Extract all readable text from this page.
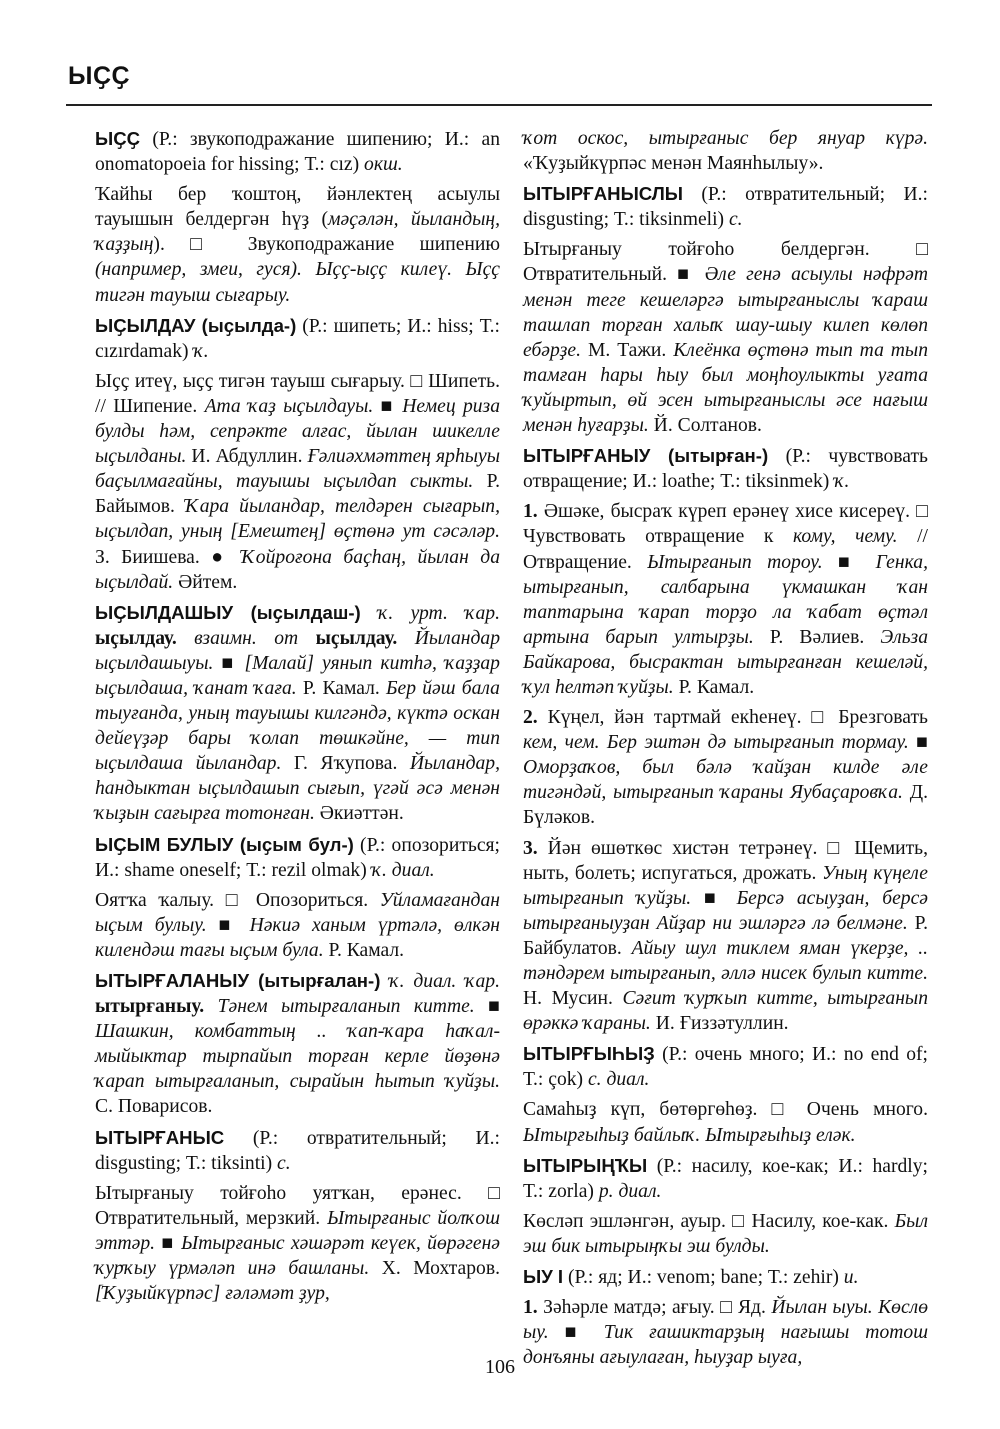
ЫҪҪ

ЫҪҪ (Р.: звукоподражание шипению; И.: an onomatopoeia for hissing; Т.: cız) окш.

Ҡайһы бер ҡоштоң, йәнлектең асыулы тауышын белдергән һүҙ (мәҫәлән, йыландың, ҡаҙҙың). □ Звукоподражание шипению (например, змеи, гуся). Ыҫҫ-ыҫҫ килеү. Ыҫҫ тигән тауыш сығарыу.

ЫҪЫЛДАУ (ыҫылда-) (Р.: шипеть; И.: hiss; Т.: cızırdamak) ҡ.

Ыҫҫ итеү, ыҫҫ тигән тауыш сығарыу. □ Шипеть. // Шипение. Ата ҡаҙ ыҫылдауы. ■ Немец риза булды һәм, сепрәкте алғас, йылан шикелле ыҫылданы. И. Абдуллин. Ғәлиәхмәттең ярһыуы баҫылмағайны, тауышы ыҫылдап сыкты. Р. Байымов. Ҡара йыландар, телдәрен сығарып, ыҫылдап, уның [Емештең] өҫтөнә ут сәсәләр. З. Биишева. ● Ҡойроғона баҫһаң, йылан да ыҫылдай. Әйтем.

ЫҪЫЛДАШЫУ (ыҫылдаш-) ҡ. урт. ҡар. ыҫылдау. взаимн. от ыҫылдау. Йыландар ыҫылдашыуы. ■ [Малай] уянып китһә, ҡаҙҙар ыҫылдаша, ҡанат ҡаға. Р. Камал. Бер йәш бала тыуғанда, уның тауышы килгәндә, күктә оскан дейеүҙәр бары ҡолап төшкәйне, — тип ыҫылдаша йыландар. Г. Яҡупова. Йыландар, һандыктан ыҫылдашып сығып, үгәй әсә менән ҡыҙын сағырға тотонған. Әкиәттән.

ЫҪЫМ БУЛЫУ (ыҫым бул-) (Р.: опозориться; И.: shame oneself; Т.: rezil olmak) ҡ. диал.

Оятҡа ҡалыу. □ Опозориться. Уйламағандан ыҫым булыу. ■ Нәкиә ханым үртәлә, өлкән килендәш тағы ыҫым була. Р. Камал.

ЫТЫРҒАЛАНЫУ (ытырғалан-) ҡ. диал. ҡар. ытырғаныу. Тәнем ытырғаланып китте. ■ Шашкин, комбаттың .. ҡап-ҡара һаҡал-мыйыктар тырпайып торған керле йөҙөнә ҡарап ытырғаланып, сырайын һытып ҡуйҙы. С. Поварисов.

ЫТЫРҒАНЫС (Р.: отвратительный; И.: disgusting; Т.: tiksinti) с.

Ытырғаныу тойғоһо уятҡан, ерәнес. □ Отвратительный, мерзкий. Ытырғаныс йолҡош эттәр. ■ Ытырғаныс хәшәрәт кеүек, йөрәгенә ҡурҡыу үрмәләп инә башланы. Х. Мохтаров. [Ҡуҙыйкүрпәс] ғәләмәт ҙур,

ҡот оскос, ытырғаныс бер януар күрә. «Ҡуҙыйкүрпәс менән Маянһылыу».

ЫТЫРҒАНЫСЛЫ (Р.: отвратительный; И.: disgusting; Т.: tiksinmeli) с.

Ытырғаныу тойғоһо белдергән. □ Отвратительный. ■ Әле генә асыулы нәфрәт менән теге кешеләргә ытырғаныслы ҡараш ташлап торған халыҡ шау-шыу килеп көлөп ебәрҙе. М. Тажи. Клеёнка өҫтөнә тып та тып тамған һары һыу был моңһоулыкты уғата ҡуйыртып, өй эсен ытырғаныслы әсе нағыш менән һуғарҙы. Й. Солтанов.

ЫТЫРҒАНЫУ (ытырған-) (Р.: чувствовать отвращение; И.: loathe; Т.: tiksinmek) ҡ.

1. Әшәке, бысраҡ күреп ерәнеү хисе кисереү. □ Чувствовать отвращение к кому, чему. // Отвращение. Ытырғанып тороу. ■ Генка, ытырғанып, салбарына үкмашкан ҡан таптарына ҡарап торҙо ла ҡабат өҫтәл артына барып ултырҙы. Р. Вәлиев. Эльза Байкарова, бысрактан ытырғанған кешеләй, ҡул һелтәп ҡуйҙы. Р. Камал.

2. Күңел, йән тартмай екһенеү. □ Брезговать кем, чем. Бер эштән дә ытырғанып тормау. ■ Оморҙаҡов, был бәлә ҡайҙан килде әле тигәндәй, ытырғанып ҡараны Яубаҫаровҡа. Д. Бүләков.

3. Йән өшөткөс хистән тетрәнеү. □ Щемить, ныть, болеть; испугаться, дрожать. Уның күңеле ытырғанып ҡуйҙы. ■ Берсә асыуҙан, берсә ытырғаныуҙан Айҙар ни эшләргә лә белмәне. Р. Байбулатов. Айыу шул тиклем яман үкерҙе, .. тәндәрем ытырғанып, әллә нисек булып китте. Н. Мусин. Сәғит ҡурҡып китте, ытырғанып өрәккә ҡараны. И. Ғиззәтуллин.

ЫТЫРҒЫҺЫҘ (Р.: очень много; И.: no end of; Т.: çok) с. диал.

Самаһыҙ күп, бөтөргөһөҙ. □ Очень много. Ытырғыһыҙ байлыҡ. Ытырғыһыҙ еләк.

ЫТЫРЫҢҠЫ (Р.: насилу, кое-как; И.: hardly; Т.: zorla) р. диал.

Көсләп эшләнгән, ауыр. □ Насилу, кое-как. Был эш бик ытырыңҡы эш булды.

ЫУ I (Р.: яд; И.: venom; bane; Т.: zehir) и.

1. Зәһәрле матдә; ағыу. □ Яд. Йылан ыуы. Көслө ыу. ■ Тик ғашиктарҙың нағышы тотош донъяны ағыулаған, һыуҙар ыуға,

106
